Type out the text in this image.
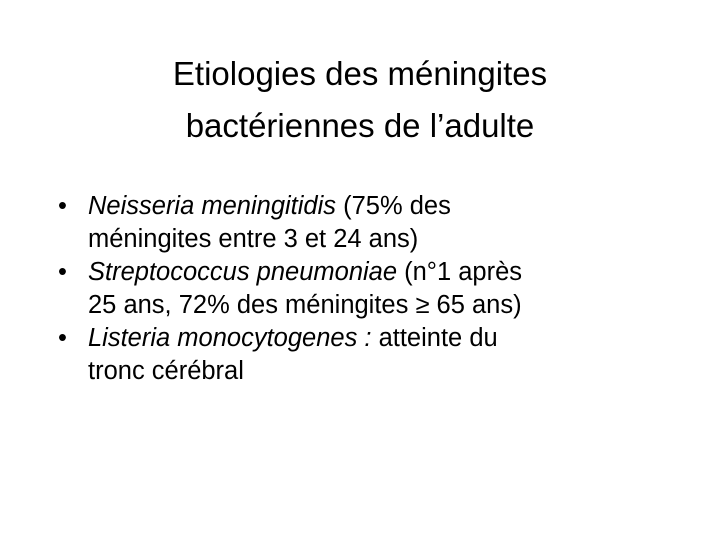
Etiologies des méningites
bactériennes de l’adulte
• Neisseria meningitidis (75% des
méningites entre 3 et 24 ans)
• Streptococcus pneumoniae (n°1 après
25 ans, 72% des méningites ≥ 65 ans)
• Listeria monocytogenes : atteinte du
tronc cérébral
